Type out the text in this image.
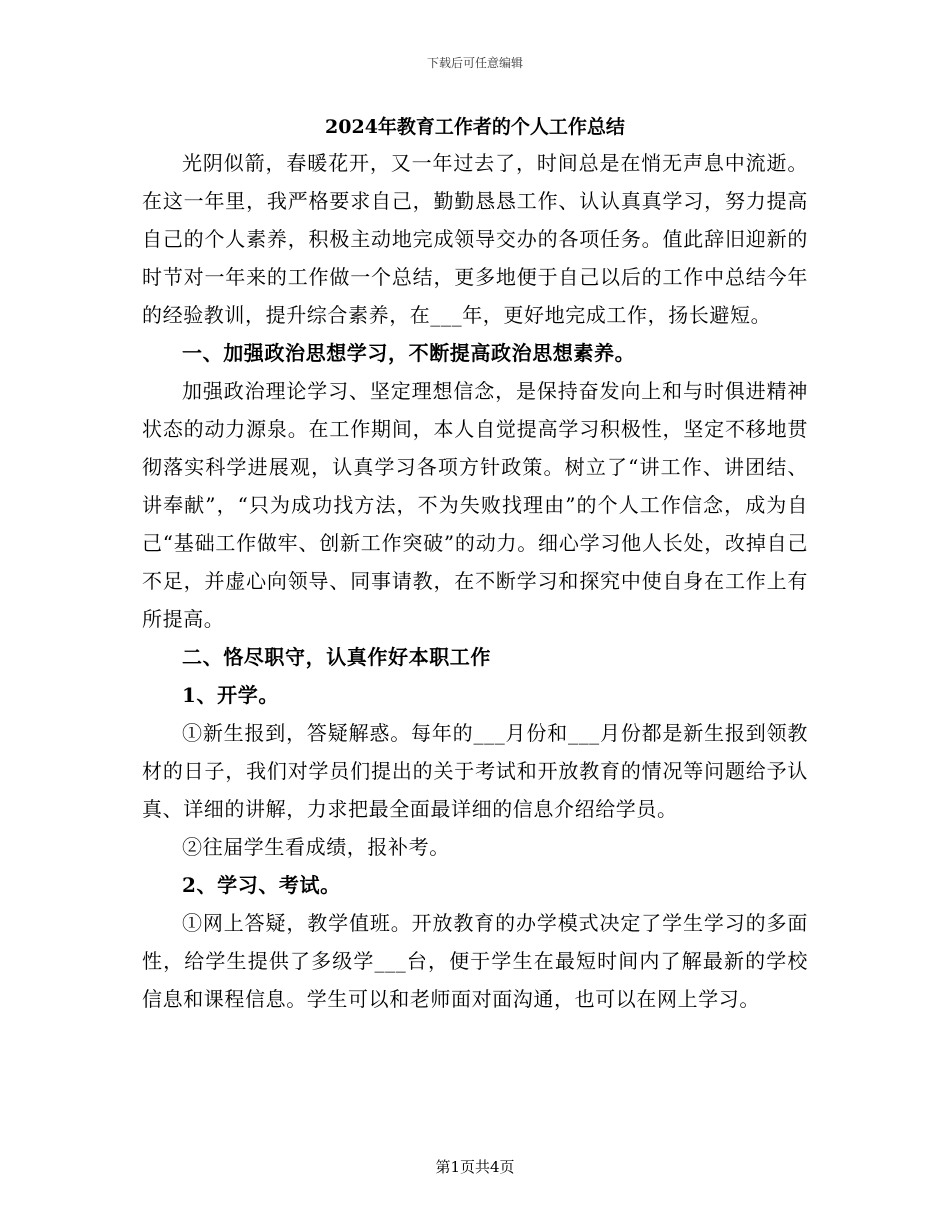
下载后可任意编辑
2024年教育工作者的个人工作总结

光阴似箭，春暖花开，又一年过去了，时间总是在悄无声息中流逝。在这一年里，我严格要求自己，勤勤恳恳工作、认认真真学习，努力提高自己的个人素养，积极主动地完成领导交办的各项任务。值此辞旧迎新的时节对一年来的工作做一个总结，更多地便于自己以后的工作中总结今年的经验教训，提升综合素养，在___年，更好地完成工作，扬长避短。

一、加强政治思想学习，不断提高政治思想素养。

加强政治理论学习、坚定理想信念，是保持奋发向上和与时俱进精神状态的动力源泉。在工作期间，本人自觉提高学习积极性，坚定不移地贯彻落实科学进展观，认真学习各项方针政策。树立了“讲工作、讲团结、讲奉献”，“只为成功找方法，不为失败找理由”的个人工作信念，成为自己“基础工作做牢、创新工作突破”的动力。细心学习他人长处，改掉自己不足，并虚心向领导、同事请教，在不断学习和探究中使自身在工作上有所提高。

二、恪尽职守，认真作好本职工作

1、开学。

①新生报到，答疑解惑。每年的___月份和___月份都是新生报到领教材的日子，我们对学员们提出的关于考试和开放教育的情况等问题给予认真、详细的讲解，力求把最全面最详细的信息介绍给学员。

②往届学生看成绩，报补考。

2、学习、考试。

①网上答疑，教学值班。开放教育的办学模式决定了学生学习的多面性，给学生提供了多级学___台，便于学生在最短时间内了解最新的学校信息和课程信息。学生可以和老师面对面沟通，也可以在网上学习。

第1页共4页
